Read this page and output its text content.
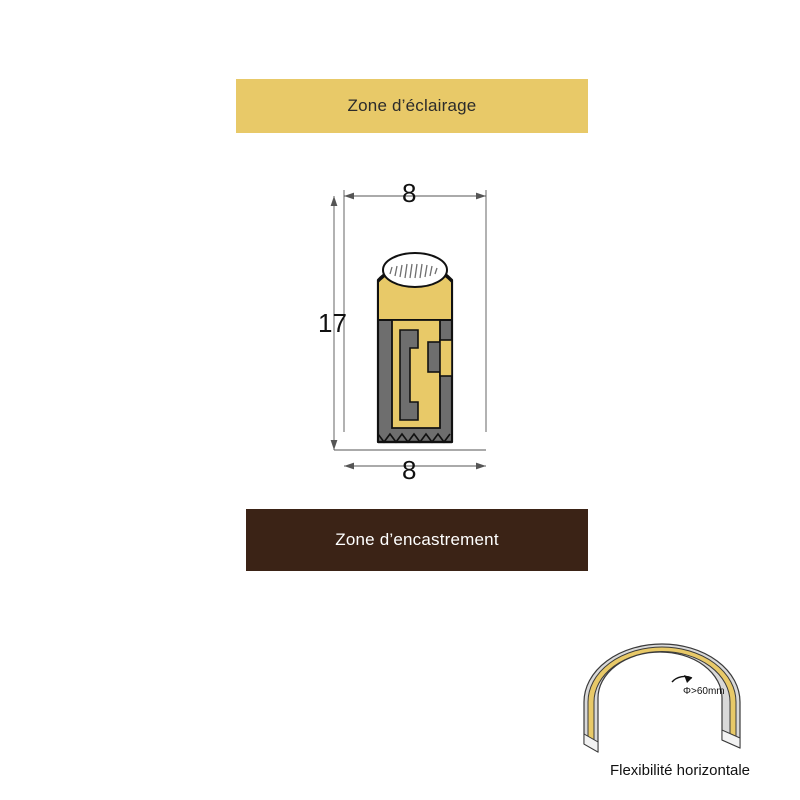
Zone d’éclairage
8
8
17
Zone d’encastrement
Φ>60mm
Flexibilité horizontale
